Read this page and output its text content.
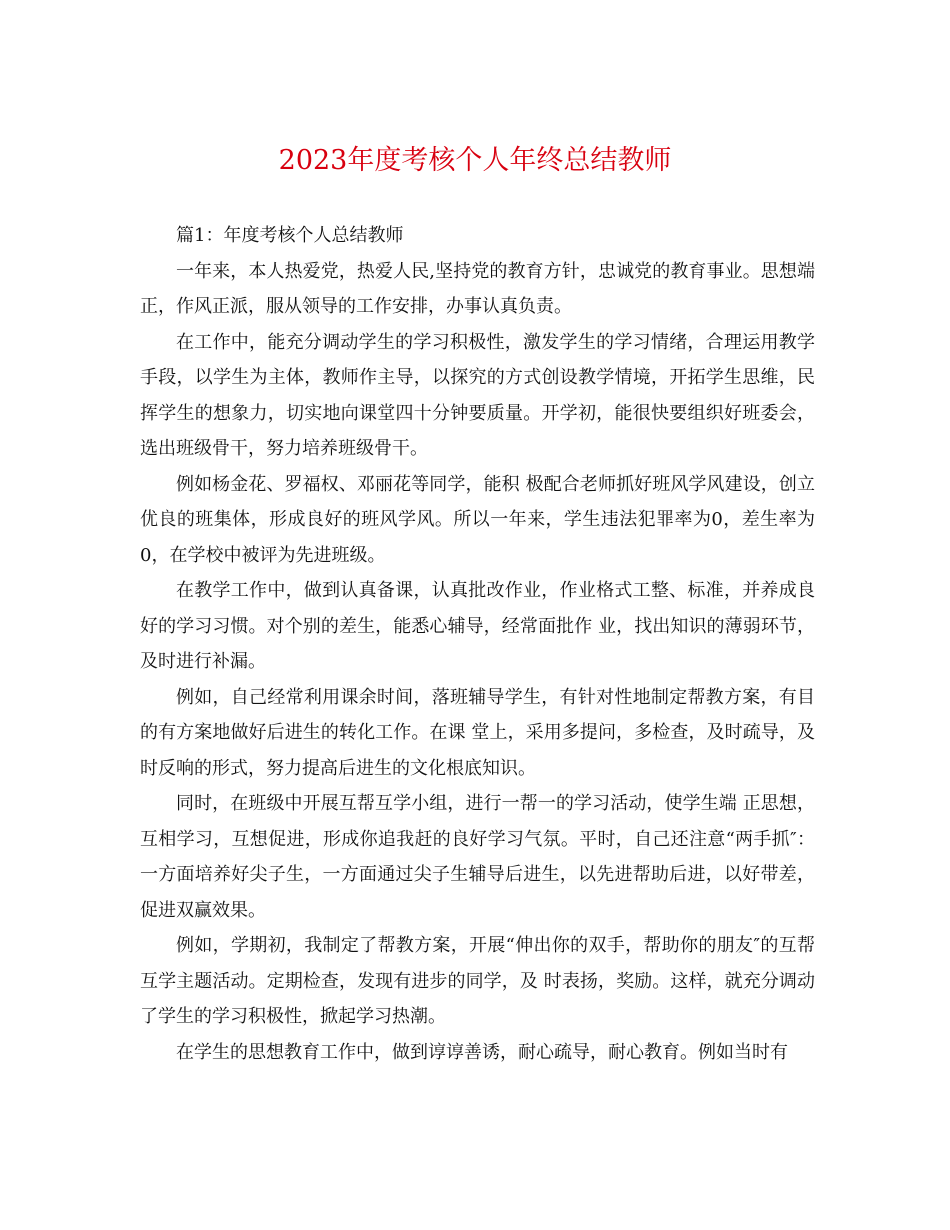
2023年度考核个人年终总结教师

篇1：年度考核个人总结教师

一年来，本人热爱党，热爱人民,坚持党的教育方针，忠诚党的教育事业。思想端正，作风正派，服从领导的工作安排，办事认真负责。

在工作中，能充分调动学生的学习积极性，激发学生的学习情绪，合理运用教学手段，以学生为主体，教师作主导，以探究的方式创设教学情境，开拓学生思维，民 挥学生的想象力，切实地向课堂四十分钟要质量。开学初，能很快要组织好班委会，选出班级骨干，努力培养班级骨干。

例如杨金花、罗福权、邓丽花等同学，能积 极配合老师抓好班风学风建设，创立优良的班集体，形成良好的班风学风。所以一年来，学生违法犯罪率为0，差生率为0，在学校中被评为先进班级。

在教学工作中，做到认真备课，认真批改作业，作业格式工整、标准，并养成良好的学习习惯。对个别的差生，能悉心辅导，经常面批作 业，找出知识的薄弱环节，及时进行补漏。

例如，自己经常利用课余时间，落班辅导学生，有针对性地制定帮教方案，有目的有方案地做好后进生的转化工作。在课 堂上，采用多提问，多检查，及时疏导，及时反响的形式，努力提高后进生的文化根底知识。

同时，在班级中开展互帮互学小组，进行一帮一的学习活动，使学生端 正思想，互相学习，互想促进，形成你追我赶的良好学习气氛。平时，自己还注意“两手抓″：一方面培养好尖子生，一方面通过尖子生辅导后进生，以先进帮助后进，以好带差，促进双赢效果。

例如，学期初，我制定了帮教方案，开展“伸出你的双手，帮助你的朋友″的互帮互学主题活动。定期检查，发现有进步的同学，及 时表扬，奖励。这样，就充分调动了学生的学习积极性，掀起学习热潮。

在学生的思想教育工作中，做到谆谆善诱，耐心疏导，耐心教育。例如当时有
